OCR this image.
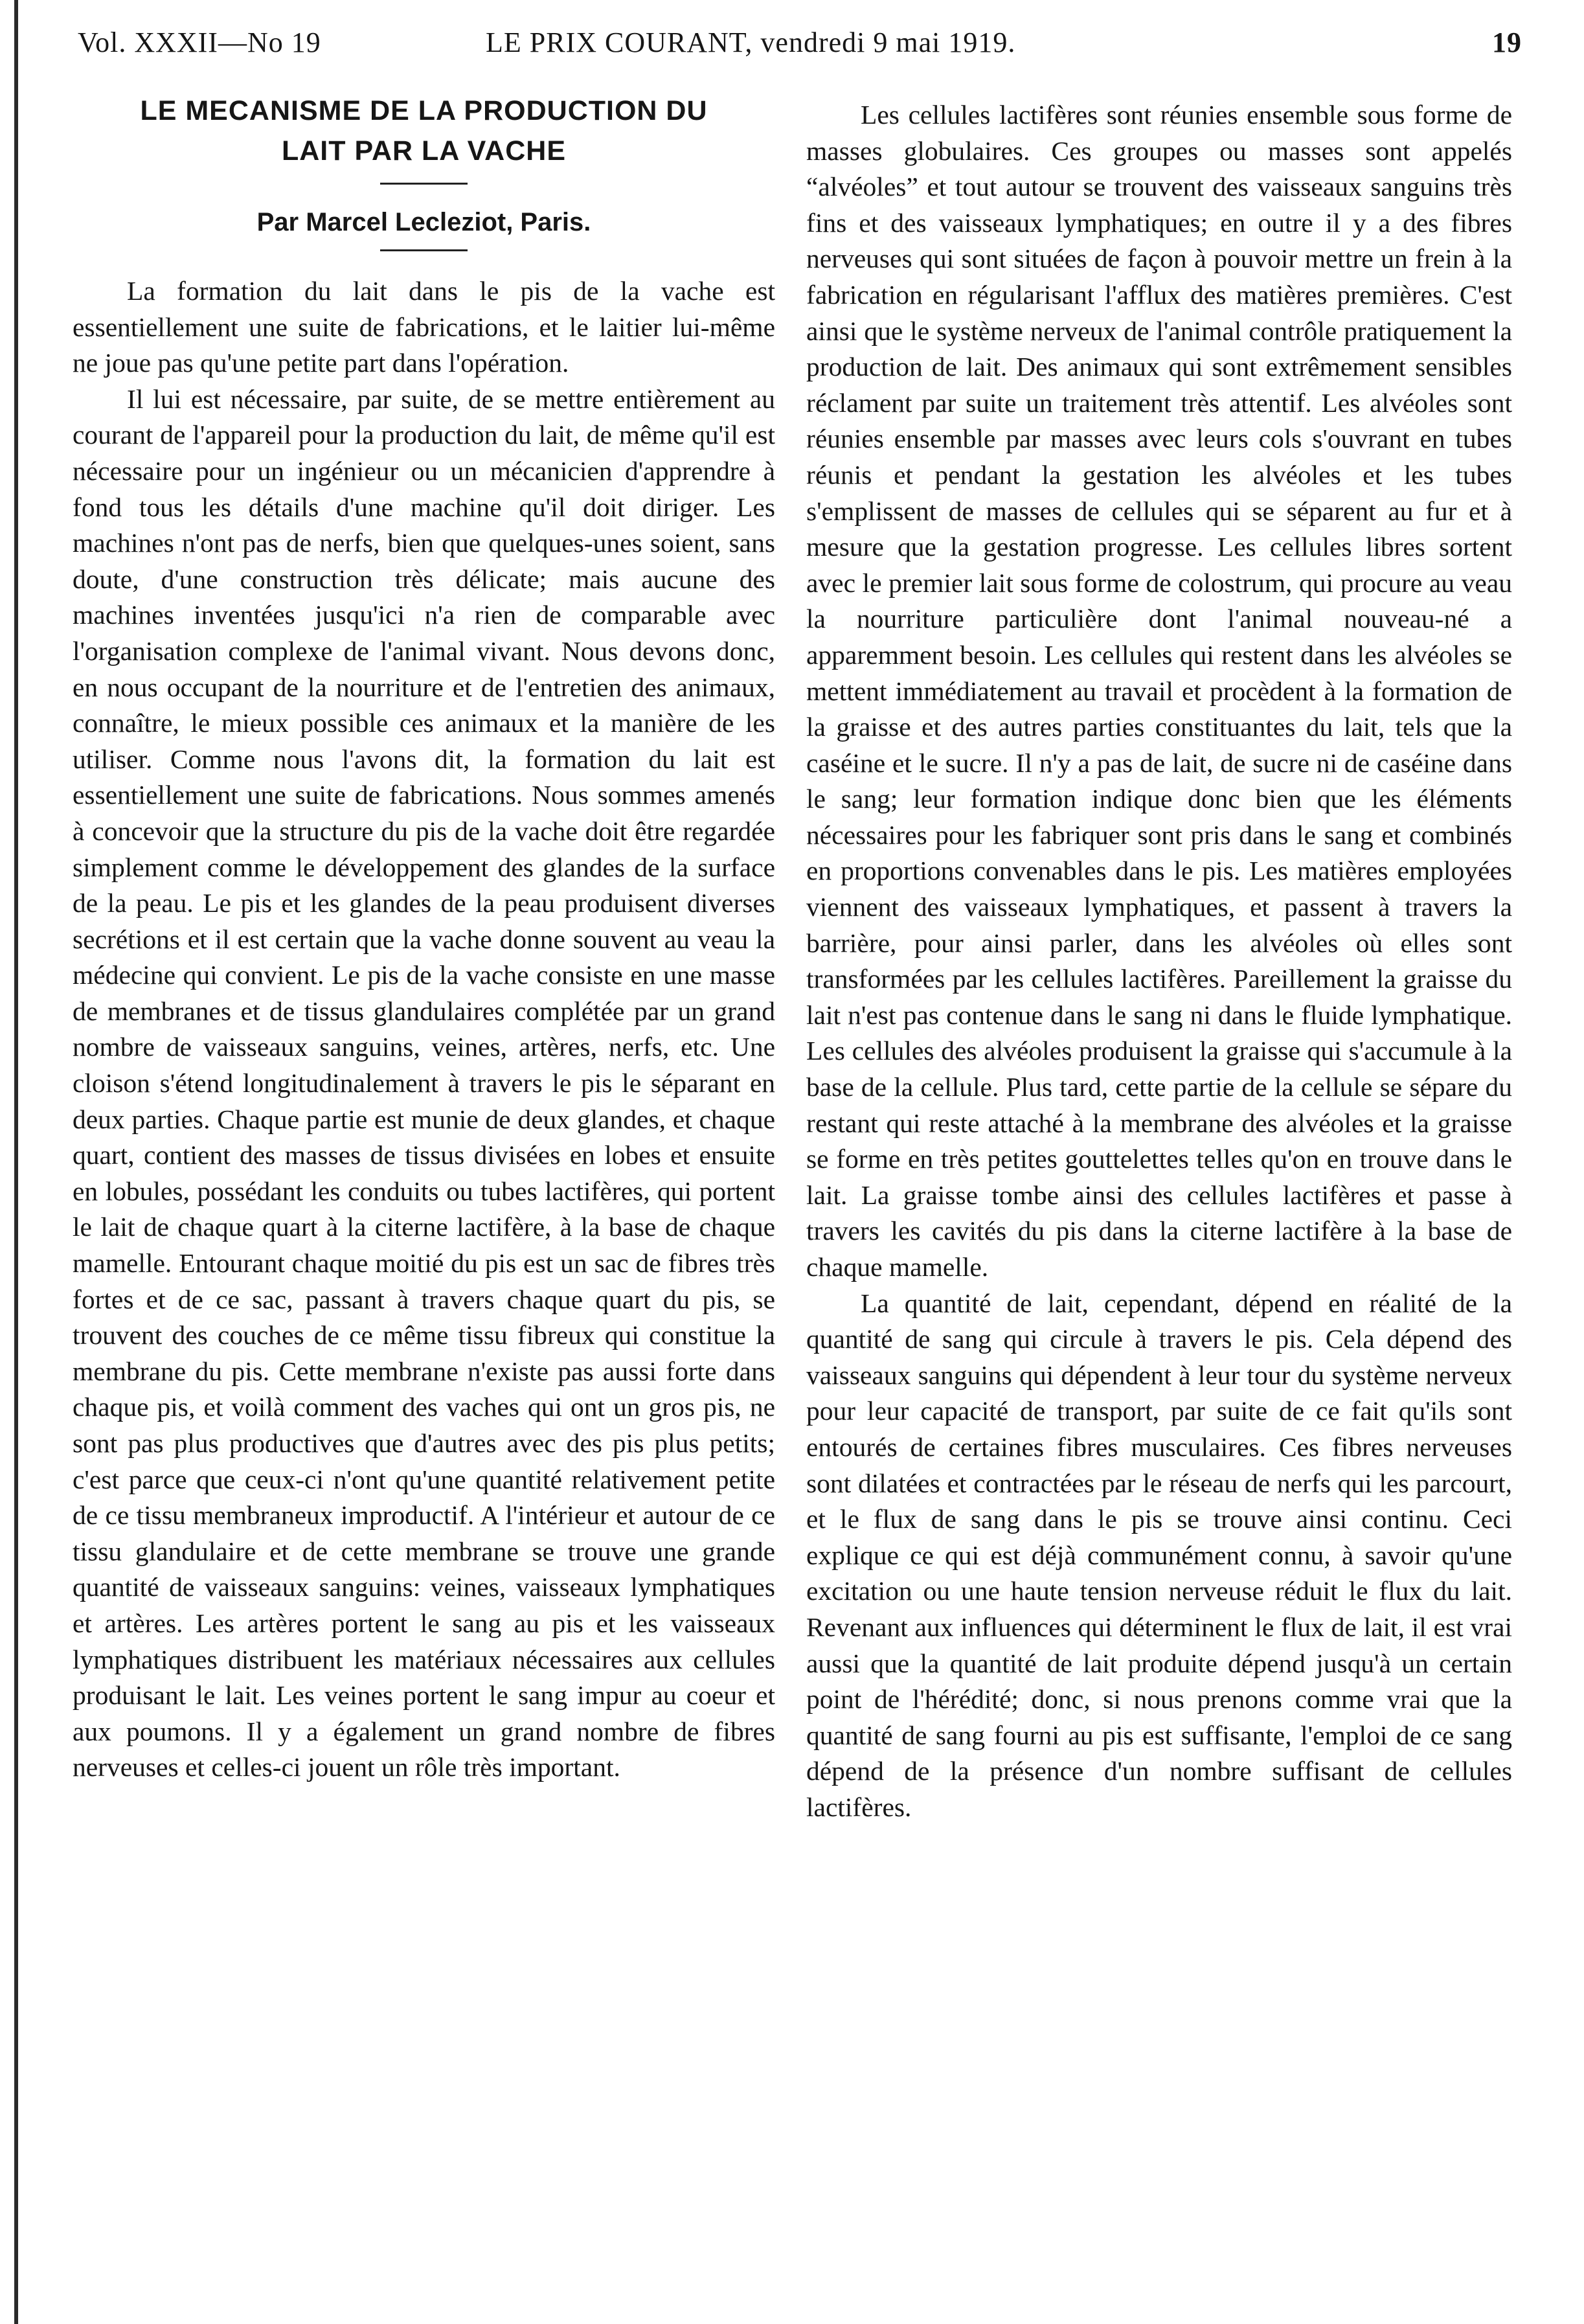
Vol. XXXII—No 19	LE PRIX COURANT, vendredi 9 mai 1919.	19
LE MECANISME DE LA PRODUCTION DU
LAIT PAR LA VACHE
Par Marcel Lecleziot, Paris.

La formation du lait dans le pis de la vache est essentiellement une suite de fabrications, et le laitier lui-même ne joue pas qu'une petite part dans l'opération.

Il lui est nécessaire, par suite, de se mettre entièrement au courant de l'appareil pour la production du lait, de même qu'il est nécessaire pour un ingénieur ou un mécanicien d'apprendre à fond tous les détails d'une machine qu'il doit diriger. Les machines n'ont pas de nerfs, bien que quelques-unes soient, sans doute, d'une construction très délicate; mais aucune des machines inventées jusqu'ici n'a rien de comparable avec l'organisation complexe de l'animal vivant. Nous devons donc, en nous occupant de la nourriture et de l'entretien des animaux, connaître, le mieux possible ces animaux et la manière de les utiliser. Comme nous l'avons dit, la formation du lait est essentiellement une suite de fabrications. Nous sommes amenés à concevoir que la structure du pis de la vache doit être regardée simplement comme le développement des glandes de la surface de la peau. Le pis et les glandes de la peau produisent diverses secrétions et il est certain que la vache donne souvent au veau la médecine qui convient. Le pis de la vache consiste en une masse de membranes et de tissus glandulaires complétée par un grand nombre de vaisseaux sanguins, veines, artères, nerfs, etc. Une cloison s'étend longitudinalement à travers le pis le séparant en deux parties. Chaque partie est munie de deux glandes, et chaque quart, contient des masses de tissus divisées en lobes et ensuite en lobules, possédant les conduits ou tubes lactifères, qui portent le lait de chaque quart à la citerne lactifère, à la base de chaque mamelle. Entourant chaque moitié du pis est un sac de fibres très fortes et de ce sac, passant à travers chaque quart du pis, se trouvent des couches de ce même tissu fibreux qui constitue la membrane du pis. Cette membrane n'existe pas aussi forte dans chaque pis, et voilà comment des vaches qui ont un gros pis, ne sont pas plus productives que d'autres avec des pis plus petits; c'est parce que ceux-ci n'ont qu'une quantité relativement petite de ce tissu membraneux improductif. A l'intérieur et autour de ce tissu glandulaire et de cette membrane se trouve une grande quantité de vaisseaux sanguins: veines, vaisseaux lymphatiques et artères. Les artères portent le sang au pis et les vaisseaux lymphatiques distribuent les matériaux nécessaires aux cellules produisant le lait. Les veines portent le sang impur au coeur et aux poumons. Il y a également un grand nombre de fibres nerveuses et celles-ci jouent un rôle très important.

Les cellules lactifères sont réunies ensemble sous forme de masses globulaires. Ces groupes ou masses sont appelés “alvéoles” et tout autour se trouvent des vaisseaux sanguins très fins et des vaisseaux lymphatiques; en outre il y a des fibres nerveuses qui sont situées de façon à pouvoir mettre un frein à la fabrication en régularisant l'afflux des matières premières. C'est ainsi que le système nerveux de l'animal contrôle pratiquement la production de lait. Des animaux qui sont extrêmement sensibles réclament par suite un traitement très attentif. Les alvéoles sont réunies ensemble par masses avec leurs cols s'ouvrant en tubes réunis et pendant la gestation les alvéoles et les tubes s'emplissent de masses de cellules qui se séparent au fur et à mesure que la gestation progresse. Les cellules libres sortent avec le premier lait sous forme de colostrum, qui procure au veau la nourriture particulière dont l'animal nouveau-né a apparemment besoin. Les cellules qui restent dans les alvéoles se mettent immédiatement au travail et procèdent à la formation de la graisse et des autres parties constituantes du lait, tels que la caséine et le sucre. Il n'y a pas de lait, de sucre ni de caséine dans le sang; leur formation indique donc bien que les éléments nécessaires pour les fabriquer sont pris dans le sang et combinés en proportions convenables dans le pis. Les matières employées viennent des vaisseaux lymphatiques, et passent à travers la barrière, pour ainsi parler, dans les alvéoles où elles sont transformées par les cellules lactifères. Pareillement la graisse du lait n'est pas contenue dans le sang ni dans le fluide lymphatique. Les cellules des alvéoles produisent la graisse qui s'accumule à la base de la cellule. Plus tard, cette partie de la cellule se sépare du restant qui reste attaché à la membrane des alvéoles et la graisse se forme en très petites gouttelettes telles qu'on en trouve dans le lait. La graisse tombe ainsi des cellules lactifères et passe à travers les cavités du pis dans la citerne lactifère à la base de chaque mamelle.

La quantité de lait, cependant, dépend en réalité de la quantité de sang qui circule à travers le pis. Cela dépend des vaisseaux sanguins qui dépendent à leur tour du système nerveux pour leur capacité de transport, par suite de ce fait qu'ils sont entourés de certaines fibres musculaires. Ces fibres nerveuses sont dilatées et contractées par le réseau de nerfs qui les parcourt, et le flux de sang dans le pis se trouve ainsi continu. Ceci explique ce qui est déjà communément connu, à savoir qu'une excitation ou une haute tension nerveuse réduit le flux du lait. Revenant aux influences qui déterminent le flux de lait, il est vrai aussi que la quantité de lait produite dépend jusqu'à un certain point de l'hérédité; donc, si nous prenons comme vrai que la quantité de sang fourni au pis est suffisante, l'emploi de ce sang dépend de la présence d'un nombre suffisant de cellules lactifères.
